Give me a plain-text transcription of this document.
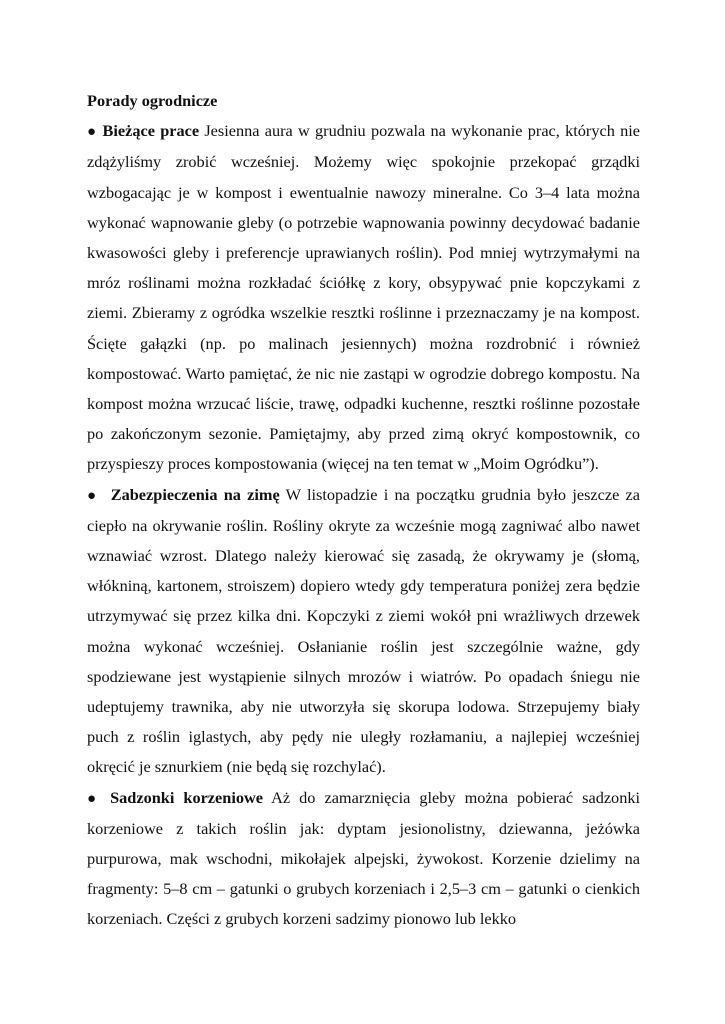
Porady ogrodnicze

● Bieżące prace Jesienna aura w grudniu pozwala na wykonanie prac, których nie zdążyliśmy zrobić wcześniej. Możemy więc spokojnie przekopać grządki wzbogacając je w kompost i ewentualnie nawozy mineralne. Co 3–4 lata można wykonać wapnowanie gleby (o potrzebie wapnowania powinny decydować badanie kwasowości gleby i preferencje uprawianych roślin). Pod mniej wytrzymałymi na mróz roślinami można rozkładać ściółkę z kory, obsypywać pnie kopczykami z ziemi. Zbieramy z ogródka wszelkie resztki roślinne i przeznaczamy je na kompost. Ścięte gałązki (np. po malinach jesiennych) można rozdrobnić i również kompostować. Warto pamiętać, że nic nie zastąpi w ogrodzie dobrego kompostu. Na kompost można wrzucać liście, trawę, odpadki kuchenne, resztki roślinne pozostałe po zakończonym sezonie. Pamiętajmy, aby przed zimą okryć kompostownik, co przyspieszy proces kompostowania (więcej na ten temat w „Moim Ogródku”).

● Zabezpieczenia na zimę W listopadzie i na początku grudnia było jeszcze za ciepło na okrywanie roślin. Rośliny okryte za wcześnie mogą zagniwać albo nawet wznawiać wzrost. Dlatego należy kierować się zasadą, że okrywamy je (słomą, włókniną, kartonem, stroiszem) dopiero wtedy gdy temperatura poniżej zera będzie utrzymywać się przez kilka dni. Kopczyki z ziemi wokół pni wrażliwych drzewek można wykonać wcześniej. Osłanianie roślin jest szczególnie ważne, gdy spodziewane jest wystąpienie silnych mrozów i wiatrów. Po opadach śniegu nie udeptujemy trawnika, aby nie utworzyła się skorupa lodowa. Strzepujemy biały puch z roślin iglastych, aby pędy nie uległy rozłamaniu, a najlepiej wcześniej okręcić je sznurkiem (nie będą się rozchylać).

● Sadzonki korzeniowe Aż do zamarznięcia gleby można pobierać sadzonki korzeniowe z takich roślin jak: dyptam jesionolistny, dziewanna, jeżówka purpurowa, mak wschodni, mikołajek alpejski, żywokost. Korzenie dzielimy na fragmenty: 5–8 cm – gatunki o grubych korzeniach i 2,5–3 cm – gatunki o cienkich korzeniach. Części z grubych korzeni sadzimy pionowo lub lekko
